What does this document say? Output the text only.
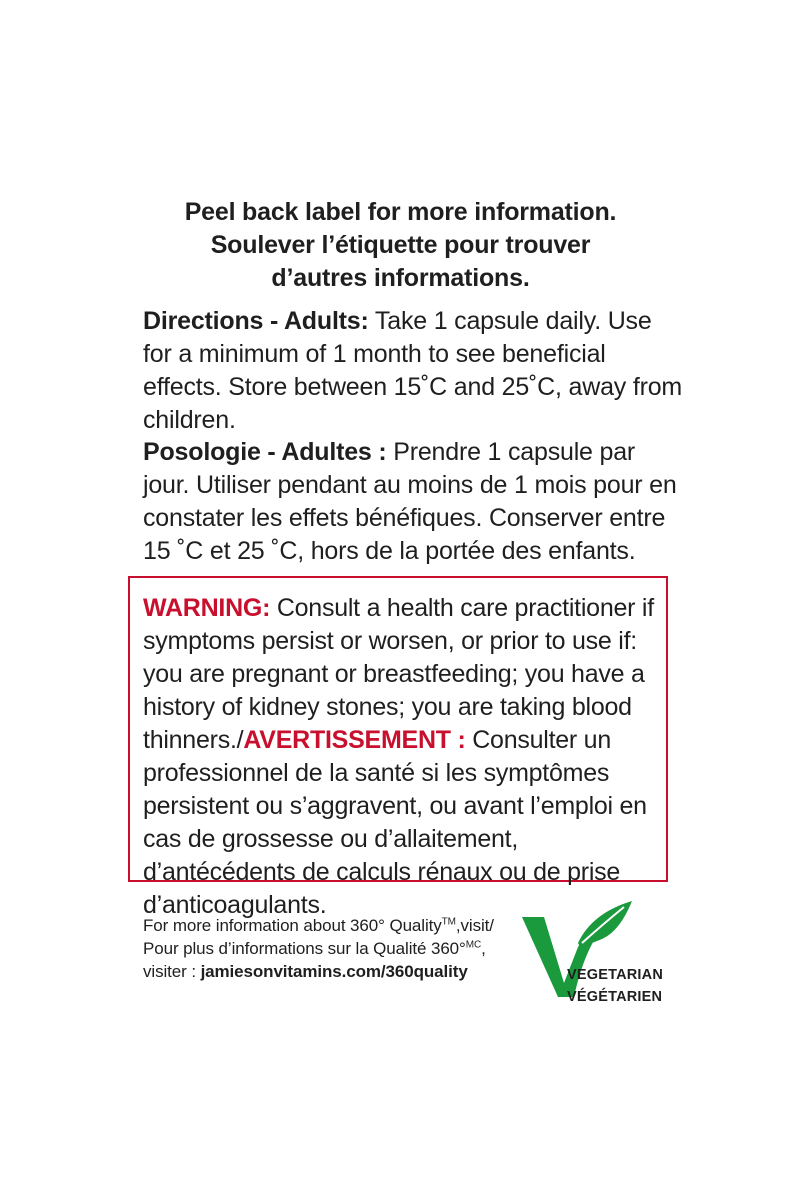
Peel back label for more information.
Soulever l’étiquette pour trouver
d’autres informations.
Directions - Adults: Take 1 capsule daily. Use for a minimum of 1 month to see beneficial effects. Store between 15˚C and 25˚C, away from children.
Posologie - Adultes : Prendre 1 capsule par jour. Utiliser pendant au moins de 1 mois pour en constater les effets bénéfiques. Conserver entre 15 ˚C et 25 ˚C, hors de la portée des enfants.
WARNING: Consult a health care practitioner if symptoms persist or worsen, or prior to use if: you are pregnant or breastfeeding; you have a history of kidney stones; you are taking blood thinners./AVERTISSEMENT : Consulter un professionnel de la santé si les symptômes persistent ou s’aggravent, ou avant l’emploi en cas de grossesse ou d’allaitement, d’antécédents de calculs rénaux ou de prise d’anticoagulants.
For more information about 360° Quality™,visit/
Pour plus d’informations sur la Qualité 360°$^{MC}$,
visiter : jamiesonvitamins.com/360quality	VEGETARIAN
VÉGÉTARIEN
